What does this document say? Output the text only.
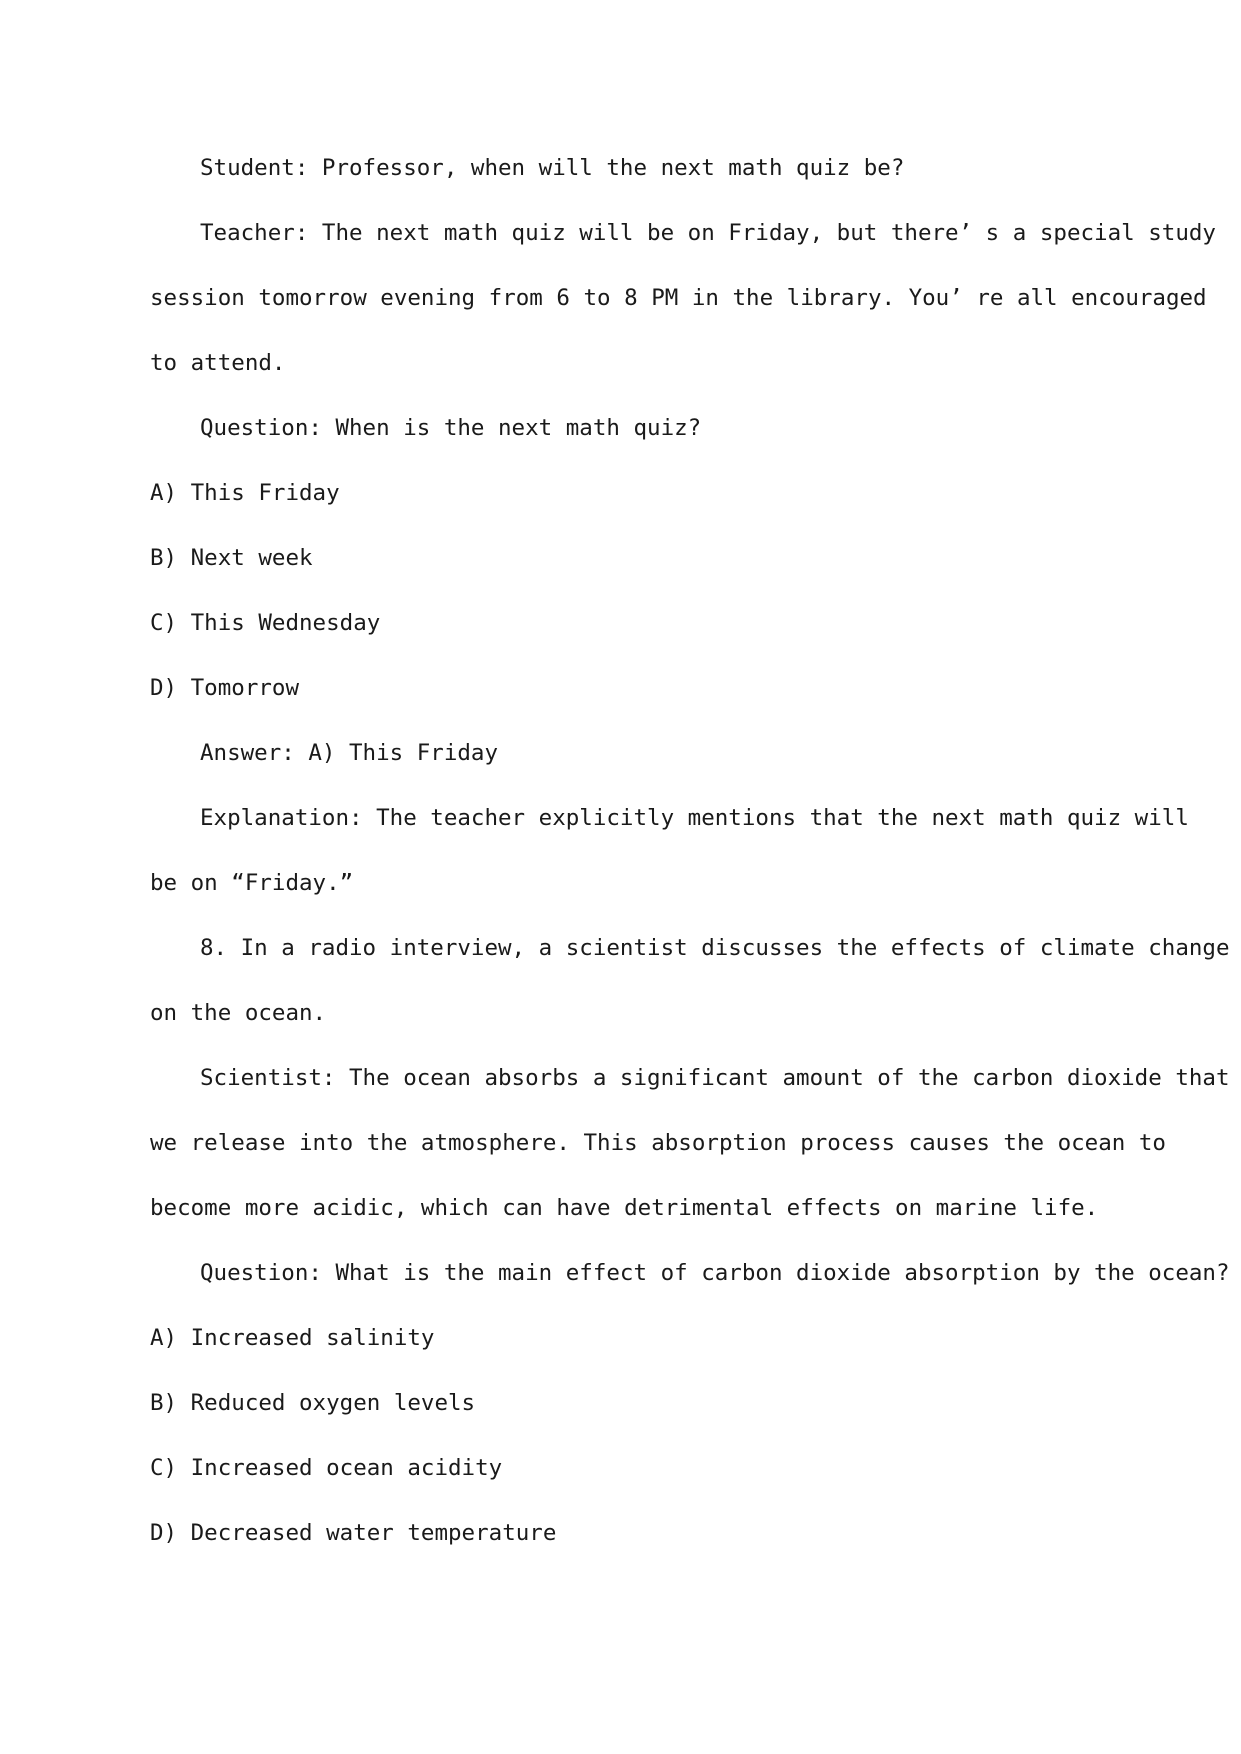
Student: Professor, when will the next math quiz be?
Teacher: The next math quiz will be on Friday, but there’ s a special study
session tomorrow evening from 6 to 8 PM in the library. You’ re all encouraged
to attend.
Question: When is the next math quiz?
A) This Friday
B) Next week
C) This Wednesday
D) Tomorrow
Answer: A) This Friday
Explanation: The teacher explicitly mentions that the next math quiz will
be on “Friday.”
8. In a radio interview, a scientist discusses the effects of climate change
on the ocean.
Scientist: The ocean absorbs a significant amount of the carbon dioxide that
we release into the atmosphere. This absorption process causes the ocean to
become more acidic, which can have detrimental effects on marine life.
Question: What is the main effect of carbon dioxide absorption by the ocean?
A) Increased salinity
B) Reduced oxygen levels
C) Increased ocean acidity
D) Decreased water temperature
